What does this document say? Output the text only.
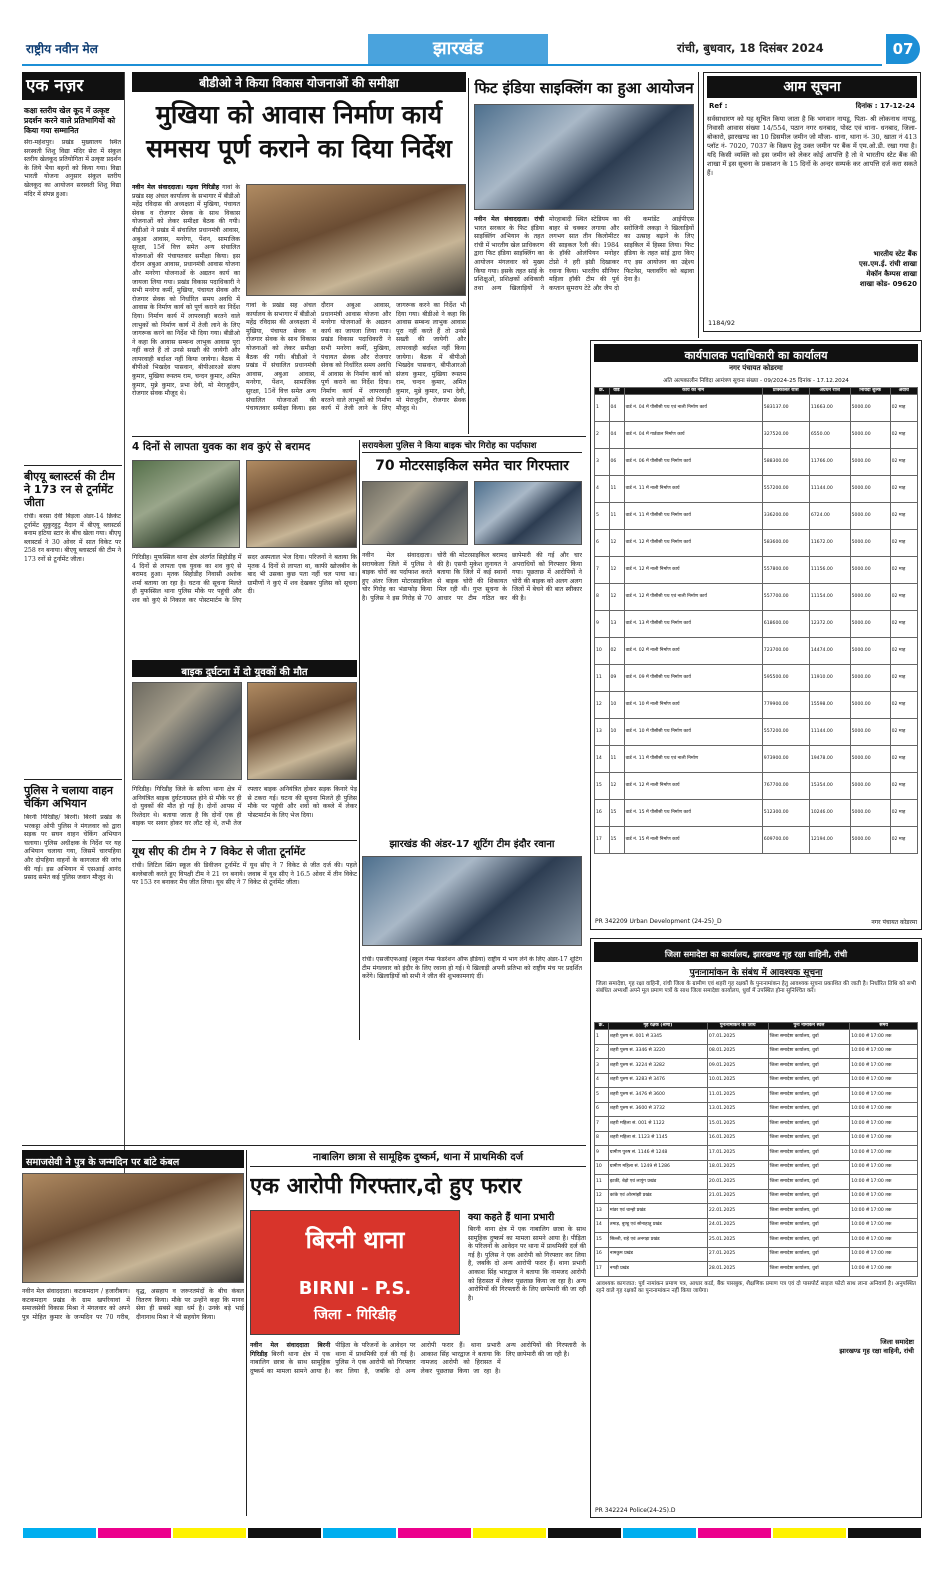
राष्ट्रीय नवीन मेल	झारखंड	रांची, बुधवार, 18 दिसंबर 2024	07
एक नज़र
कक्षा स्तरीय खेल कूद में उत्कृष्ट प्रदर्शन करने वाले प्रतिभागियों को किया गया सम्मानित
सेरा-महेशपुर। प्रखंड मुख्यालय स्थित सरस्वती शिशु विद्या मंदिर सेरा में संकुल स्तरीय खेलकूद प्रतियोगिता में उत्कृष्ट प्रदर्शन के लिये भैया बहनों को किया गया। विद्या भारती योजना अनुसार संकुल स्तरीय खेलकूद का आयोजन सरस्वती शिशु विद्या मंदिर में संपन्न हुआ।
बीएयू ब्लास्टर्स की टीम ने 173 रन से टूर्नामेंट जीता
रांची। बरसा देवी बिड़ला अंडर-14 क्रिकेट टूर्नामेंट सुकुरहुटु मैदान में बीएयू ब्लास्टर्स बनाम हटिया स्टार के बीच खेला गया। बीएयू ब्लास्टर्स ने 30 ओवर में सात विकेट पर 258 रन बनाया। बीएयू ब्लास्टर्स की टीम ने 173 रनों से टूर्नामेंट जीता।
पुलिस ने चलाया वाहन चेकिंग अभियान
बिरनी गिरिडीह/ बिरनी। बिरनी प्रखंड के भरकट्टा ओपी पुलिस ने मंगलवार को द्वारा सड़क पर सघन वाहन चेकिंग अभियान चलाया। पुलिस अधीक्षक के निर्देश पर यह अभियान चलाया गया, जिसमें चारपहिया और दोपहिया वाहनों के कागजात की जांच की गई। इस अभियान में एसआई आनंद प्रसाद समेत कई पुलिस जवान मौजूद थे।
बीडीओ ने किया विकास योजनाओं की समीक्षा
मुखिया को आवास निर्माण कार्य
समसय पूर्ण कराने का दिया निर्देश
नवीन मेल संवाददाता। गढ़वा गिरिडीह गावां के प्रखंड सह अंचल कार्यालय के सभागार में बीडीओ महेंद्र रविदास की अध्यक्षता में मुखिया, पंचायत सेवक व रोजगार सेवक के साथ विकास योजनाओं को लेकर समीक्षा बैठक की गयी। बीडीओ ने प्रखंड में संचालित प्रधानमंत्री आवास, अबुआ आवास, मनरेगा, पेंशन, सामाजिक सुरक्षा, 15वें वित्त समेत अन्य संचालित योजनाओं की पंचायतवार समीक्षा किया। इस दौरान अबुआ आवास, प्रधानमंत्री आवास योजना और मनरेगा योजनाओं के अद्यतन कार्य का जायजा लिया गया। प्रखंड विकास पदाधिकारी ने सभी मनरेगा कर्मी, मुखिया, पंचायत सेवक और रोजगार सेवक को निर्धारित समय अवधि में आवास के निर्माण कार्य को पूर्ण कराने का निर्देश दिया। निर्माण कार्य में लापरवाही बरतने वाले लाभुकों को निर्माण कार्य में तेजी लाने के लिए जागरूक करने का निर्देश भी दिया गया। बीडीओ ने कहा कि आवास सम्बन्ध लाभुक आवास पूरा नहीं करते हैं तो उनसे सख्ती की जायेगी और लापरवाही बर्दाश्त नहीं किया जायेगा। बैठक में बीपीओ भिखदेव पासवान, बीपीआरओ संजय कुमार, मुखिया रूस्तम राम, चन्दन कुमार, अमित कुमार, मुन्ने कुमार, प्रभा देवी, मो मेराजुदीन, रोजगार सेवक मौजूद थे।
गावां के प्रखंड सह अंचल कार्यालय के सभागार में बीडीओ महेंद्र रविदास की अध्यक्षता में मुखिया, पंचायत सेवक व रोजगार सेवक के साथ विकास योजनाओं को लेकर समीक्षा बैठक की गयी। बीडीओ ने प्रखंड में संचालित प्रधानमंत्री आवास, अबुआ आवास, मनरेगा, पेंशन, सामाजिक सुरक्षा, 15वें वित्त समेत अन्य संचालित योजनाओं की पंचायतवार समीक्षा किया। इस दौरान अबुआ आवास, प्रधानमंत्री आवास योजना और मनरेगा योजनाओं के अद्यतन कार्य का जायजा लिया गया। प्रखंड विकास पदाधिकारी ने सभी मनरेगा कर्मी, मुखिया, पंचायत सेवक और रोजगार सेवक को निर्धारित समय अवधि में आवास के निर्माण कार्य को पूर्ण कराने का निर्देश दिया। निर्माण कार्य में लापरवाही बरतने वाले लाभुकों को निर्माण कार्य में तेजी लाने के लिए जागरूक करने का निर्देश भी दिया गया। बीडीओ ने कहा कि आवास सम्बन्ध लाभुक आवास पूरा नहीं करते हैं तो उनसे सख्ती की जायेगी और लापरवाही बर्दाश्त नहीं किया जायेगा। बैठक में बीपीओ भिखदेव पासवान, बीपीआरओ संजय कुमार, मुखिया रूस्तम राम, चन्दन कुमार, अमित कुमार, मुन्ने कुमार, प्रभा देवी, मो मेराजुदीन, रोजगार सेवक मौजूद थे।
फिट इंडिया साइक्लिंग का हुआ आयोजन
नवीन मेल संवाददाता। रांची भारत सरकार के फिट इंडिया साइक्लिंग अभियान के तहत रांची में भारतीय खेल प्राधिकरण द्वारा फिट इंडिया साइक्लिंग का आयोजन मंगलवार को मुख्य किया गया। इसके तहत सांई के प्रशिक्षुओं, प्रशिक्षकों अधिकारी तथा अन्य खिलाड़ियों ने मोरहाबादी स्थित स्टेडियम का बाहर से चक्कर लगाया और लगभग सात तीन किलोमीटर की साइकल रैली की। 1984 के हॉकी ओलंपियन मनोहर टोप्नो ने हरी झंडी दिखाकर रवाना किया। भारतीय सीनियर महिला हॉकी टीम की पूर्व कप्तान सुमराय टेटे और जैप दो की कमांडेंट आईपीएस सरोजिनी लकड़ा ने खिलाड़ियों का उत्साह बढ़ाने के लिए साइकिल में हिस्सा लिया। फिट इंडिया के तहत सांई द्वारा किए गए इस आयोजन का उद्देश्य फिटनेस, फ्लावरिंग को बढ़ावा देना है।
आम सूचना
Ref :	दिनांक : 17-12-24
सर्वसाधारण को यह सूचित किया जाता है कि भगवान नायडू, पिता- श्री लोकनाथ नायडू, निवासी आवास संख्या 14/554, पठान नगर धनबाद, पोस्ट एवं थाना- धनबाद, जिला- बोकारो, झारखण्ड का 10 डिसमील जमीन जो मौजा- धाना, थाना नं- 30, खाता नं 413 प्लॉट नं- 7020, 7037 के विक्रय हेतु उक्त जमीन पर बैंक में एम.ओ.डी. रखा गया है। यदि किसी व्यक्ति को इस जमीन को लेकर कोई आपत्ति है तो वे भारतीय स्टेट बैंक की शाखा में इस सूचना के प्रकाशन के 15 दिनों के अन्दर सम्पर्क कर आपत्ति दर्ज करा सकते हैं।
भारतीय स्टेट बैंक
एस.एम.ई. रांची शाखा
मेकॉन कैम्पस शाखा
शाखा कोड- 09620
1184/92
4 दिनों से लापता युवक का शव कुएं से बरामद
गिरिडीह। मुफस्सिल थाना क्षेत्र अंतर्गत सिहोडीह में 4 दिनों से लापता एक युवक का शव कुएं से बरामद हुआ। मृतक सिहोडीह निवासी अशोक शर्मा बताया जा रहा है। घटना की सूचना मिलते ही मुफस्सिल थाना पुलिस मौके पर पहुंची और शव को कुएं से निकाल कर पोस्टमार्टम के लिए सदर अस्पताल भेज दिया। परिजनों ने बताया कि मृतक 4 दिनों से लापता था, काफी खोजबीन के बाद भी उसका कुछ पता नहीं चल पाया था। ग्रामीणों ने कुएं में शव देखकर पुलिस को सूचना दी।
बाइक दुर्घटना में दो युवकों की मौत
गिरिडीह। गिरिडीह जिले के सरिया थाना क्षेत्र में अनियंत्रित बाइक दुर्घटनाग्रस्त होने से मौके पर ही दो युवकों की मौत हो गई है। दोनों आपस में रिश्तेदार थे। बताया जाता है कि दोनों एक ही बाइक पर सवार होकर घर लौट रहे थे, तभी तेज रफ्तार बाइक अनियंत्रित होकर सड़क किनारे पेड़ से टकरा गई। घटना की सूचना मिलते ही पुलिस मौके पर पहुंची और शवों को कब्जे में लेकर पोस्टमार्टम के लिए भेज दिया।
सरायकेला पुलिस ने किया बाइक चोर गिरोह का पर्दाफाश
70 मोटरसाइकिल समेत चार गिरफ्तार
नवीन मेल संवाददाता। सरायकेला जिले में पुलिस ने बाइक चोरों का पर्दाफाश करते हुए अंतर जिला मोटरसाइकिल चोर गिरोह का भंडाफोड़ किया है। पुलिस ने इस गिरोह से 70 चोरी की मोटरसाइकिल बरामद की है। एसपी मुकेश लुनायत ने बताया कि जिले में कई स्थानों से बाइक चोरी की शिकायत मिल रही थी। गुप्त सूचना के आधार पर टीम गठित कर छापेमारी की गई और चार अपराधियों को गिरफ्तार किया गया। पूछताछ में आरोपियों ने चोरी की बाइक को अलग अलग जिलों में बेचने की बात स्वीकार की है।
यूथ सीए की टीम ने 7 विकेट से जीता टूर्नामेंट
रांची। लिटिल स्प्रिंग स्कूल की डिवीजन टूर्नामेंट में यूथ सीए ने 7 विकेट से जीत दर्ज की। पहले बल्लेबाजी करते हुए विपक्षी टीम ने 21 रन बनाये। जवाब में यूथ सीए ने 16.5 ओवर में तीन विकेट पर 153 रन बनाकर मैच जीत लिया। यूथ सीए ने 7 विकेट से टूर्नामेंट जीता।
झारखंड की अंडर-17 शूटिंग टीम इंदौर रवाना
रांची। एसजीएफआई (स्कूल गेम्स फेडरेशन ऑफ इंडिया) राष्ट्रीय में भाग लेने के लिए अंडर-17 शूटिंग टीम मंगलवार को इंदौर के लिए रवाना हो गई। ये खिलाड़ी अपनी प्रतिभा को राष्ट्रीय मंच पर प्रदर्शित करेंगे। खिलाड़ियों को सभी ने जीत की शुभकामनाएं दीं।
समाजसेवी ने पुत्र के जन्मदिन पर बांटे कंबल
नवीन मेल संवाददाता। कटकमदाग / हजारीबाग। कटकमदाग प्रखंड के ग्राम खपरियावां में समाजसेवी विकास मिश्रा ने मंगलवार को अपने पुत्र मोहित कुमार के जन्मदिन पर 70 गरीब, वृद्ध, असहाय व जरूरतमंदों के बीच कंबल वितरण किया। मौके पर उन्होंने कहा कि मानव सेवा ही सबसे बड़ा धर्म है। उनके बड़े भाई दीनानाथ मिश्रा ने भी सहयोग किया।
नाबालिग छात्रा से सामूहिक दुष्कर्म, थाना में प्राथमिकी दर्ज
एक आरोपी गिरफ्तार,दो हुए फरार
बिरनी थाना
BIRNI - P.S.
जिला - गिरिडीह
क्या कहते हैं थाना प्रभारी
बिरनी थाना क्षेत्र में एक नाबालिग छात्रा के साथ सामूहिक दुष्कर्म का मामला सामने आया है। पीड़िता के परिजनों के आवेदन पर थाना में प्राथमिकी दर्ज की गई है। पुलिस ने एक आरोपी को गिरफ्तार कर लिया है, जबकि दो अन्य आरोपी फरार हैं। थाना प्रभारी आकाश सिंह भारद्वाज ने बताया कि नामजद आरोपी को हिरासत में लेकर पूछताछ किया जा रहा है। अन्य आरोपियों की गिरफ्तारी के लिए छापेमारी की जा रही है।
नवीन मेल संवाददाता बिरनी गिरिडीह बिरनी थाना क्षेत्र में एक नाबालिग छात्रा के साथ सामूहिक दुष्कर्म का मामला सामने आया है। पीड़िता के परिजनों के आवेदन पर थाना में प्राथमिकी दर्ज की गई है। पुलिस ने एक आरोपी को गिरफ्तार कर लिया है, जबकि दो अन्य आरोपी फरार हैं। थाना प्रभारी आकाश सिंह भारद्वाज ने बताया कि नामजद आरोपी को हिरासत में लेकर पूछताछ किया जा रहा है। अन्य आरोपियों की गिरफ्तारी के लिए छापेमारी की जा रही है।
कार्यपालक पदाधिकारी का कार्यालय
नगर पंचायत कोडरमा
अति अल्पकालीन निविदा आमंत्रण सूचना संख्या - 09/2024-25 दिनांक - 17.12.2024
क्र.	वार्ड	कार्य का नाम	प्राक्कलित राशि	अग्रधन राशि	निविदा शुल्क	अवधि
1	04	वार्ड नं. 04 में पीसीसी पथ एवं नाली निर्माण कार्य	583137.00	11663.00	5000.00	02 माह
2	04	वार्ड नं. 04 में गार्डवाल निर्माण कार्य	327520.00	6550.00	5000.00	02 माह
3	06	वार्ड नं. 06 में पीसीसी पथ निर्माण कार्य	588300.00	11766.00	5000.00	02 माह
4	11	वार्ड नं. 11 में नाली निर्माण कार्य	557200.00	11144.00	5000.00	02 माह
5	11	वार्ड नं. 11 में पीसीसी पथ निर्माण कार्य	336200.00	6724.00	5000.00	02 माह
6	12	वार्ड नं. 12 में पीसीसी पथ निर्माण कार्य	583600.00	11672.00	5000.00	02 माह
7	12	वार्ड नं. 12 में नाली निर्माण कार्य	557800.00	11156.00	5000.00	02 माह
8	12	वार्ड नं. 12 में पीसीसी पथ एवं नाली निर्माण कार्य	557700.00	11154.00	5000.00	02 माह
9	13	वार्ड नं. 13 में पीसीसी पथ निर्माण कार्य	618600.00	12372.00	5000.00	02 माह
10	02	वार्ड नं. 02 में नाली निर्माण कार्य	723700.00	14474.00	5000.00	02 माह
11	09	वार्ड नं. 09 में पीसीसी पथ निर्माण कार्य	595500.00	11910.00	5000.00	02 माह
12	10	वार्ड नं. 10 में नाली निर्माण कार्य	779900.00	15598.00	5000.00	02 माह
13	10	वार्ड नं. 10 में पीसीसी पथ निर्माण कार्य	557200.00	11144.00	5000.00	02 माह
14	11	वार्ड नं. 11 में पीसीसी पथ एवं नाली निर्माण	973900.00	19478.00	5000.00	02 माह
15	12	वार्ड नं. 12 में नाली निर्माण कार्य	767700.00	15354.00	5000.00	02 माह
16	15	वार्ड नं. 15 में पीसीसी पथ निर्माण कार्य	512300.00	10246.00	5000.00	02 माह
17	15	वार्ड नं. 15 में नाली निर्माण कार्य	609700.00	12194.00	5000.00	02 माह
PR 342209 Urban Development (24-25)_D	नगर पंचायत कोडरमा
जिला समादेष्टा का कार्यालय, झारखण्ड गृह रक्षा वाहिनी, रांची
पुनःनामांकन के संबंध में आवश्यक सूचना
जिला समादेष्टा, गृह रक्षा वाहिनी, रांची जिला के ग्रामीण एवं शहरी गृह रक्षकों के पुनःनामांकन हेतु आवश्यक सूचना प्रकाशित की जाती है। निर्धारित तिथि को सभी संबंधित अभ्यर्थी अपने मूल प्रमाण पत्रों के साथ जिला समादेष्टा कार्यालय, धुर्वा में उपस्थित होना सुनिश्चित करें।
क्र.	गृह रक्षक (श्रेणी)	पुनःनामांकन की तिथि	पुनः नामांकन स्थल	समय
1	शहरी पुरुष सं. 001 से 3345	07.01.2025	जिला समादेष्टा कार्यालय, धुर्वा	10:00 से 17:00 तक
2	शहरी पुरुष सं. 3346 से 3220	08.01.2025	जिला समादेष्टा कार्यालय, धुर्वा	10:00 से 17:00 तक
3	शहरी पुरुष सं. 3224 से 3282	09.01.2025	जिला समादेष्टा कार्यालय, धुर्वा	10:00 से 17:00 तक
4	शहरी पुरुष सं. 3283 से 3476	10.01.2025	जिला समादेष्टा कार्यालय, धुर्वा	10:00 से 17:00 तक
5	शहरी पुरुष सं. 3476 से 3600	11.01.2025	जिला समादेष्टा कार्यालय, धुर्वा	10:00 से 17:00 तक
6	शहरी पुरुष सं. 3600 से 3732	13.01.2025	जिला समादेष्टा कार्यालय, धुर्वा	10:00 से 17:00 तक
7	शहरी महिला सं. 001 से 1122	15.01.2025	जिला समादेष्टा कार्यालय, धुर्वा	10:00 से 17:00 तक
8	शहरी महिला सं. 1123 से 1145	16.01.2025	जिला समादेष्टा कार्यालय, धुर्वा	10:00 से 17:00 तक
9	ग्रामीण पुरुष सं. 1146 से 1248	17.01.2025	जिला समादेष्टा कार्यालय, धुर्वा	10:00 से 17:00 तक
10	ग्रामीण महिला सं. 1249 से 1286	18.01.2025	जिला समादेष्टा कार्यालय, धुर्वा	10:00 से 17:00 तक
11	इटकी, बेड़ो एवं लापुंग प्रखंड	20.01.2025	जिला समादेष्टा कार्यालय, धुर्वा	10:00 से 17:00 तक
12	कांके एवं ओरमांझी प्रखंड	21.01.2025	जिला समादेष्टा कार्यालय, धुर्वा	10:00 से 17:00 तक
13	मांडर एवं चान्हो प्रखंड	22.01.2025	जिला समादेष्टा कार्यालय, धुर्वा	10:00 से 17:00 तक
14	तमाड़, बुण्डू एवं सोनाहातु प्रखंड	24.01.2025	जिला समादेष्टा कार्यालय, धुर्वा	10:00 से 17:00 तक
15	सिल्ली, राहे एवं अनगड़ा प्रखंड	25.01.2025	जिला समादेष्टा कार्यालय, धुर्वा	10:00 से 17:00 तक
16	नामकुम प्रखंड	27.01.2025	जिला समादेष्टा कार्यालय, धुर्वा	10:00 से 17:00 तक
17	नगड़ी प्रखंड	28.01.2025	जिला समादेष्टा कार्यालय, धुर्वा	10:00 से 17:00 तक
आवश्यक कागजात: पूर्व नामांकन प्रमाण पत्र, आधार कार्ड, बैंक पासबुक, शैक्षणिक प्रमाण पत्र एवं दो पासपोर्ट साइज फोटो साथ लाना अनिवार्य है। अनुपस्थित रहने वाले गृह रक्षकों का पुनःनामांकन नहीं किया जायेगा।
जिला समादेष्टा
झारखण्ड गृह रक्षा वाहिनी, रांची
PR 342224 Police(24-25).D
